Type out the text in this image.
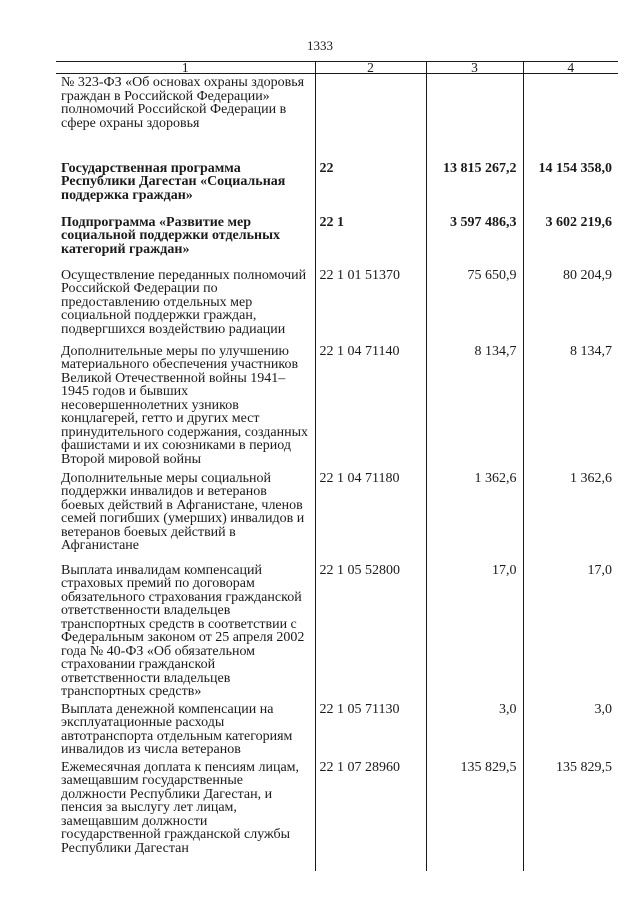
1333
1	2	3	4
№ 323-ФЗ «Об основах охраны здоровья граждан в Российской Федерации» полномочий Российской Федерации в сфере охраны здоровья			
Государственная программа Республики Дагестан «Социальная поддержка граждан»	22	13 815 267,2	14 154 358,0
Подпрограмма «Развитие мер социальной поддержки отдельных категорий граждан»	22 1	3 597 486,3	3 602 219,6
Осуществление переданных полномочий Российской Федерации по предоставлению отдельных мер социальной поддержки граждан, подвергшихся воздействию радиации	22 1 01 51370	75 650,9	80 204,9
Дополнительные меры по улучшению материального обеспечения участников Великой Отечественной войны 1941–1945 годов и бывших несовершеннолетних узников концлагерей, гетто и других мест принудительного содержания, созданных фашистами и их союзниками в период Второй мировой войны	22 1 04 71140	8 134,7	8 134,7
Дополнительные меры социальной поддержки инвалидов и ветеранов боевых действий в Афганистане, членов семей погибших (умерших) инвалидов и ветеранов боевых действий в Афганистане	22 1 04 71180	1 362,6	1 362,6
Выплата инвалидам компенсаций страховых премий по договорам обязательного страхования гражданской ответственности владельцев транспортных средств в соответствии с Федеральным законом от 25 апреля 2002 года № 40-ФЗ «Об обязательном страховании гражданской ответственности владельцев транспортных средств»	22 1 05 52800	17,0	17,0
Выплата денежной компенсации на эксплуатационные расходы автотранспорта отдельным категориям инвалидов из числа ветеранов	22 1 05 71130	3,0	3,0
Ежемесячная доплата к пенсиям лицам, замещавшим государственные должности Республики Дагестан, и пенсия за выслугу лет лицам, замещавшим должности государственной гражданской службы Республики Дагестан	22 1 07 28960	135 829,5	135 829,5
